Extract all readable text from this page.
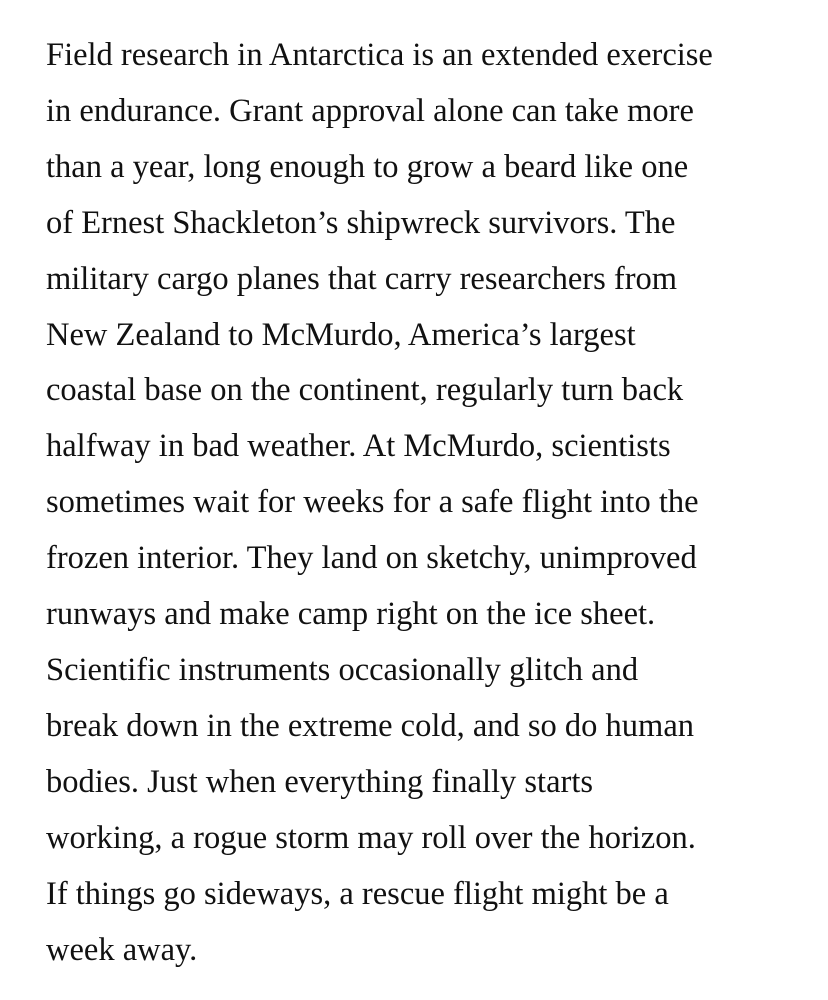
Field research in Antarctica is an extended exercise
in endurance. Grant approval alone can take more
than a year, long enough to grow a beard like one
of Ernest Shackleton’s shipwreck survivors. The
military cargo planes that carry researchers from
New Zealand to McMurdo, America’s largest
coastal base on the continent, regularly turn back
halfway in bad weather. At McMurdo, scientists
sometimes wait for weeks for a safe flight into the
frozen interior. They land on sketchy, unimproved
runways and make camp right on the ice sheet.
Scientific instruments occasionally glitch and
break down in the extreme cold, and so do human
bodies. Just when everything finally starts
working, a rogue storm may roll over the horizon.
If things go sideways, a rescue flight might be a
week away.
